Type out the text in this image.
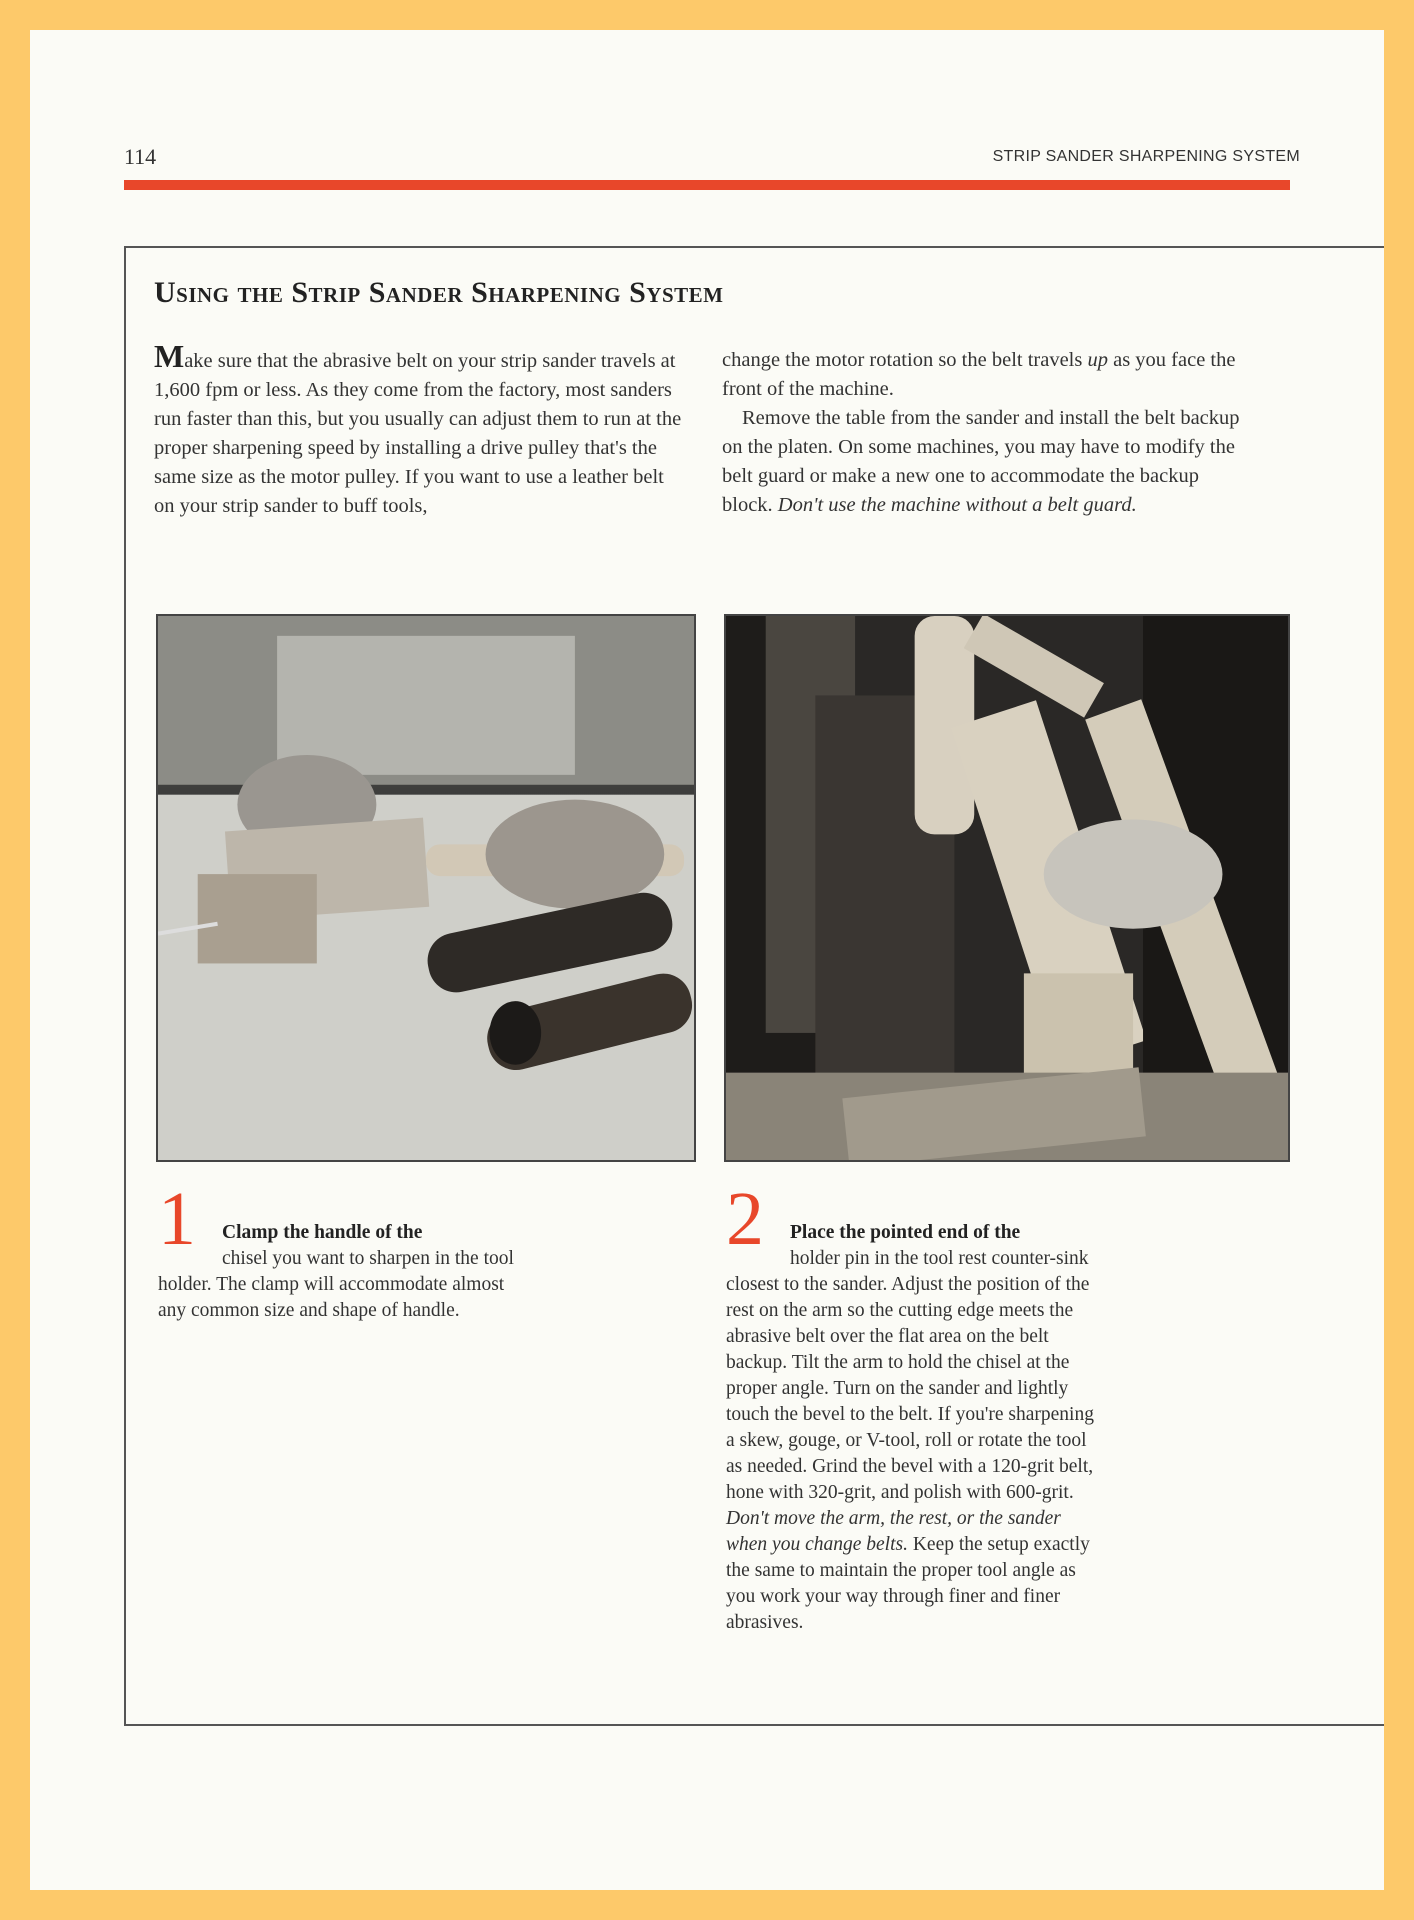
114	STRIP SANDER SHARPENING SYSTEM
Using the Strip Sander Sharpening System

Make sure that the abrasive belt on your strip sander travels at 1,600 fpm or less. As they come from the factory, most sanders run faster than this, but you usually can adjust them to run at the proper sharpening speed by installing a drive pulley that's the same size as the motor pulley. If you want to use a leather belt on your strip sander to buff tools,

change the motor rotation so the belt travels up as you face the front of the machine.

Remove the table from the sander and install the belt backup on the platen. On some machines, you may have to modify the belt guard or make a new one to accommodate the backup block. Don't use the machine without a belt guard.

1	Clamp the handle of the
chisel you want to sharpen in the tool holder. The clamp will accommodate almost any common size and shape of handle.
2	Place the pointed end of the
holder pin in the tool rest counter-sink closest to the sander. Adjust the position of the rest on the arm so the cutting edge meets the abrasive belt over the flat area on the belt backup. Tilt the arm to hold the chisel at the proper angle. Turn on the sander and lightly touch the bevel to the belt. If you're sharpening a skew, gouge, or V-tool, roll or rotate the tool as needed. Grind the bevel with a 120-grit belt, hone with 320-grit, and polish with 600-grit. Don't move the arm, the rest, or the sander when you change belts. Keep the setup exactly the same to maintain the proper tool angle as you work your way through finer and finer abrasives.
